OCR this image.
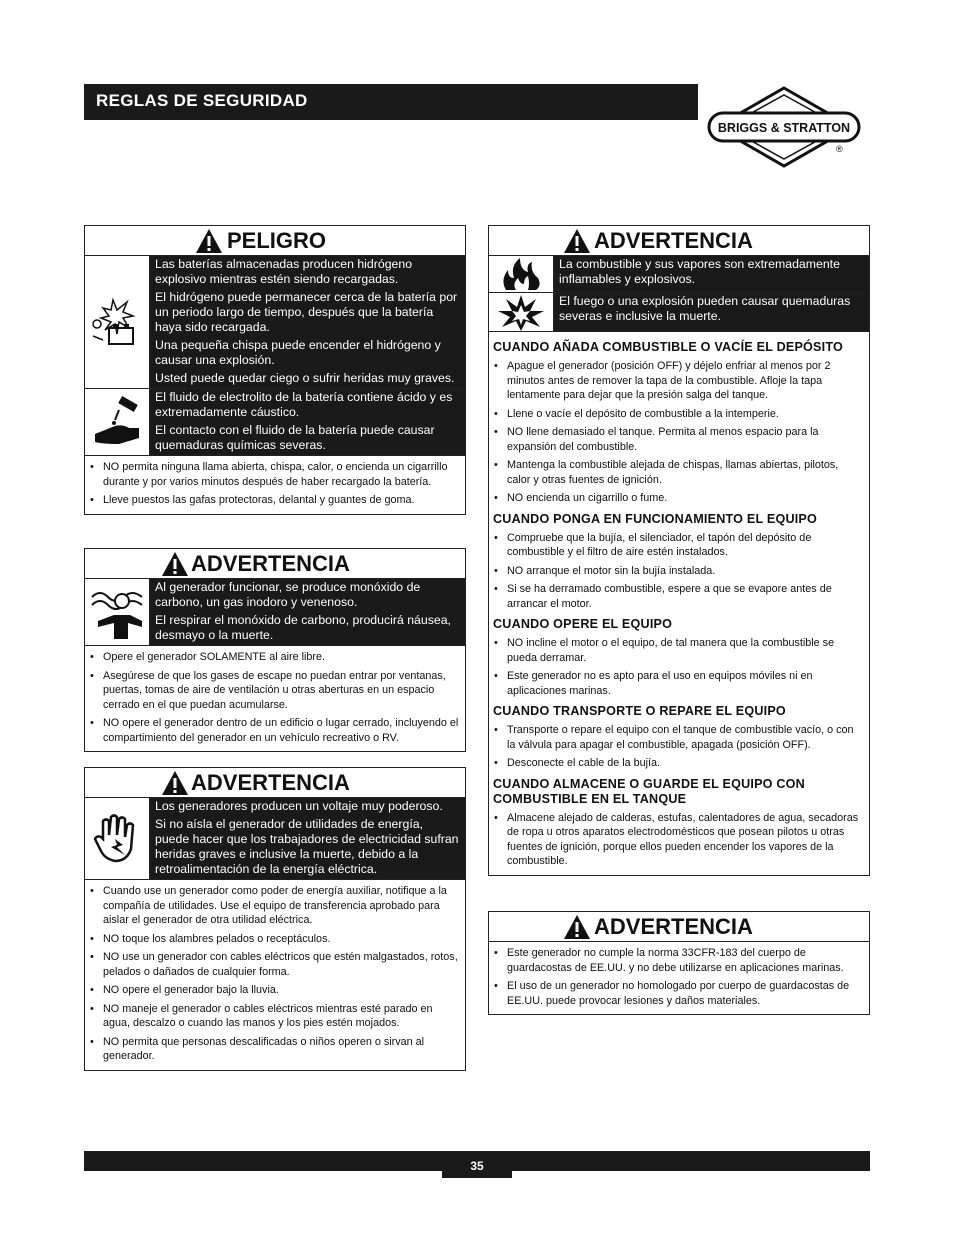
REGLAS DE SEGURIDAD
BRIGGS & STRATTON
®
PELIGRO

Las baterías almacenadas producen hidrógeno explosivo mientras estén siendo recargadas.

El hidrógeno puede permanecer cerca de la batería por un periodo largo de tiempo, después que la batería haya sido recargada.

Una pequeña chispa puede encender el hidrógeno y causar una explosión.

Usted puede quedar ciego o sufrir heridas muy graves.

El fluido de electrolito de la batería contiene ácido y es extremadamente cáustico.

El contacto con el fluido de la batería puede causar quemaduras químicas severas.

• NO permita ninguna llama abierta, chispa, calor, o encienda un cigarrillo durante y por varios minutos después de haber recargado la batería.
• Lleve puestos las gafas protectoras, delantal y guantes de goma.
ADVERTENCIA

Al generador funcionar, se produce monóxido de carbono, un gas inodoro y venenoso.

El respirar el monóxido de carbono, producirá náusea, desmayo o la muerte.

• Opere el generador SOLAMENTE al aire libre.
• Asegúrese de que los gases de escape no puedan entrar por ventanas, puertas, tomas de aire de ventilación u otras aberturas en un espacio cerrado en el que puedan acumularse.
• NO opere el generador dentro de un edificio o lugar cerrado, incluyendo el compartimiento del generador en un vehículo recreativo o RV.
ADVERTENCIA

Los generadores producen un voltaje muy poderoso.

Si no aísla el generador de utilidades de energía, puede hacer que los trabajadores de electricidad sufran heridas graves e inclusive la muerte, debido a la retroalimentación de la energía eléctrica.

• Cuando use un generador como poder de energía auxiliar, notifique a la compañía de utilidades. Use el equipo de transferencia aprobado para aislar el generador de otra utilidad eléctrica.
• NO toque los alambres pelados o receptáculos.
• NO use un generador con cables eléctricos que estén malgastados, rotos, pelados o dañados de cualquier forma.
• NO opere el generador bajo la lluvia.
• NO maneje el generador o cables eléctricos mientras esté parado en agua, descalzo o cuando las manos y los pies estén mojados.
• NO permita que personas descalificadas o niños operen o sirvan al generador.
ADVERTENCIA

La combustible y sus vapores son extremadamente inflamables y explosivos.

El fuego o una explosión pueden causar quemaduras severas e inclusive la muerte.

CUANDO AÑADA COMBUSTIBLE O VACÍE EL DEPÓSITO

• Apague el generador (posición OFF) y déjelo enfriar al menos por 2 minutos antes de remover la tapa de la combustible. Afloje la tapa lentamente para dejar que la presión salga del tanque.
• Llene o vacíe el depósito de combustible a la intemperie.
• NO llene demasiado el tanque. Permita al menos espacio para la expansión del combustible.
• Mantenga la combustible alejada de chispas, llamas abiertas, pilotos, calor y otras fuentes de ignición.
• NO encienda un cigarrillo o fume.

CUANDO PONGA EN FUNCIONAMIENTO EL EQUIPO

• Compruebe que la bujía, el silenciador, el tapón del depósito de combustible y el filtro de aire estén instalados.
• NO arranque el motor sin la bujía instalada.
• Si se ha derramado combustible, espere a que se evapore antes de arrancar el motor.

CUANDO OPERE EL EQUIPO

• NO incline el motor o el equipo, de tal manera que la combustible se pueda derramar.
• Este generador no es apto para el uso en equipos móviles ni en aplicaciones marinas.

CUANDO TRANSPORTE O REPARE EL EQUIPO

• Transporte o repare el equipo con el tanque de combustible vacío, o con la válvula para apagar el combustible, apagada (posición OFF).
• Desconecte el cable de la bujía.

CUANDO ALMACENE O GUARDE EL EQUIPO CON COMBUSTIBLE EN EL TANQUE

• Almacene alejado de calderas, estufas, calentadores de agua, secadoras de ropa u otros aparatos electrodomésticos que posean pilotos u otras fuentes de ignición, porque ellos pueden encender los vapores de la combustible.
ADVERTENCIA
• Este generador no cumple la norma 33CFR-183 del cuerpo de guardacostas de EE.UU. y no debe utilizarse en aplicaciones marinas.
• El uso de un generador no homologado por cuerpo de guardacostas de EE.UU. puede provocar lesiones y daños materiales.
35
